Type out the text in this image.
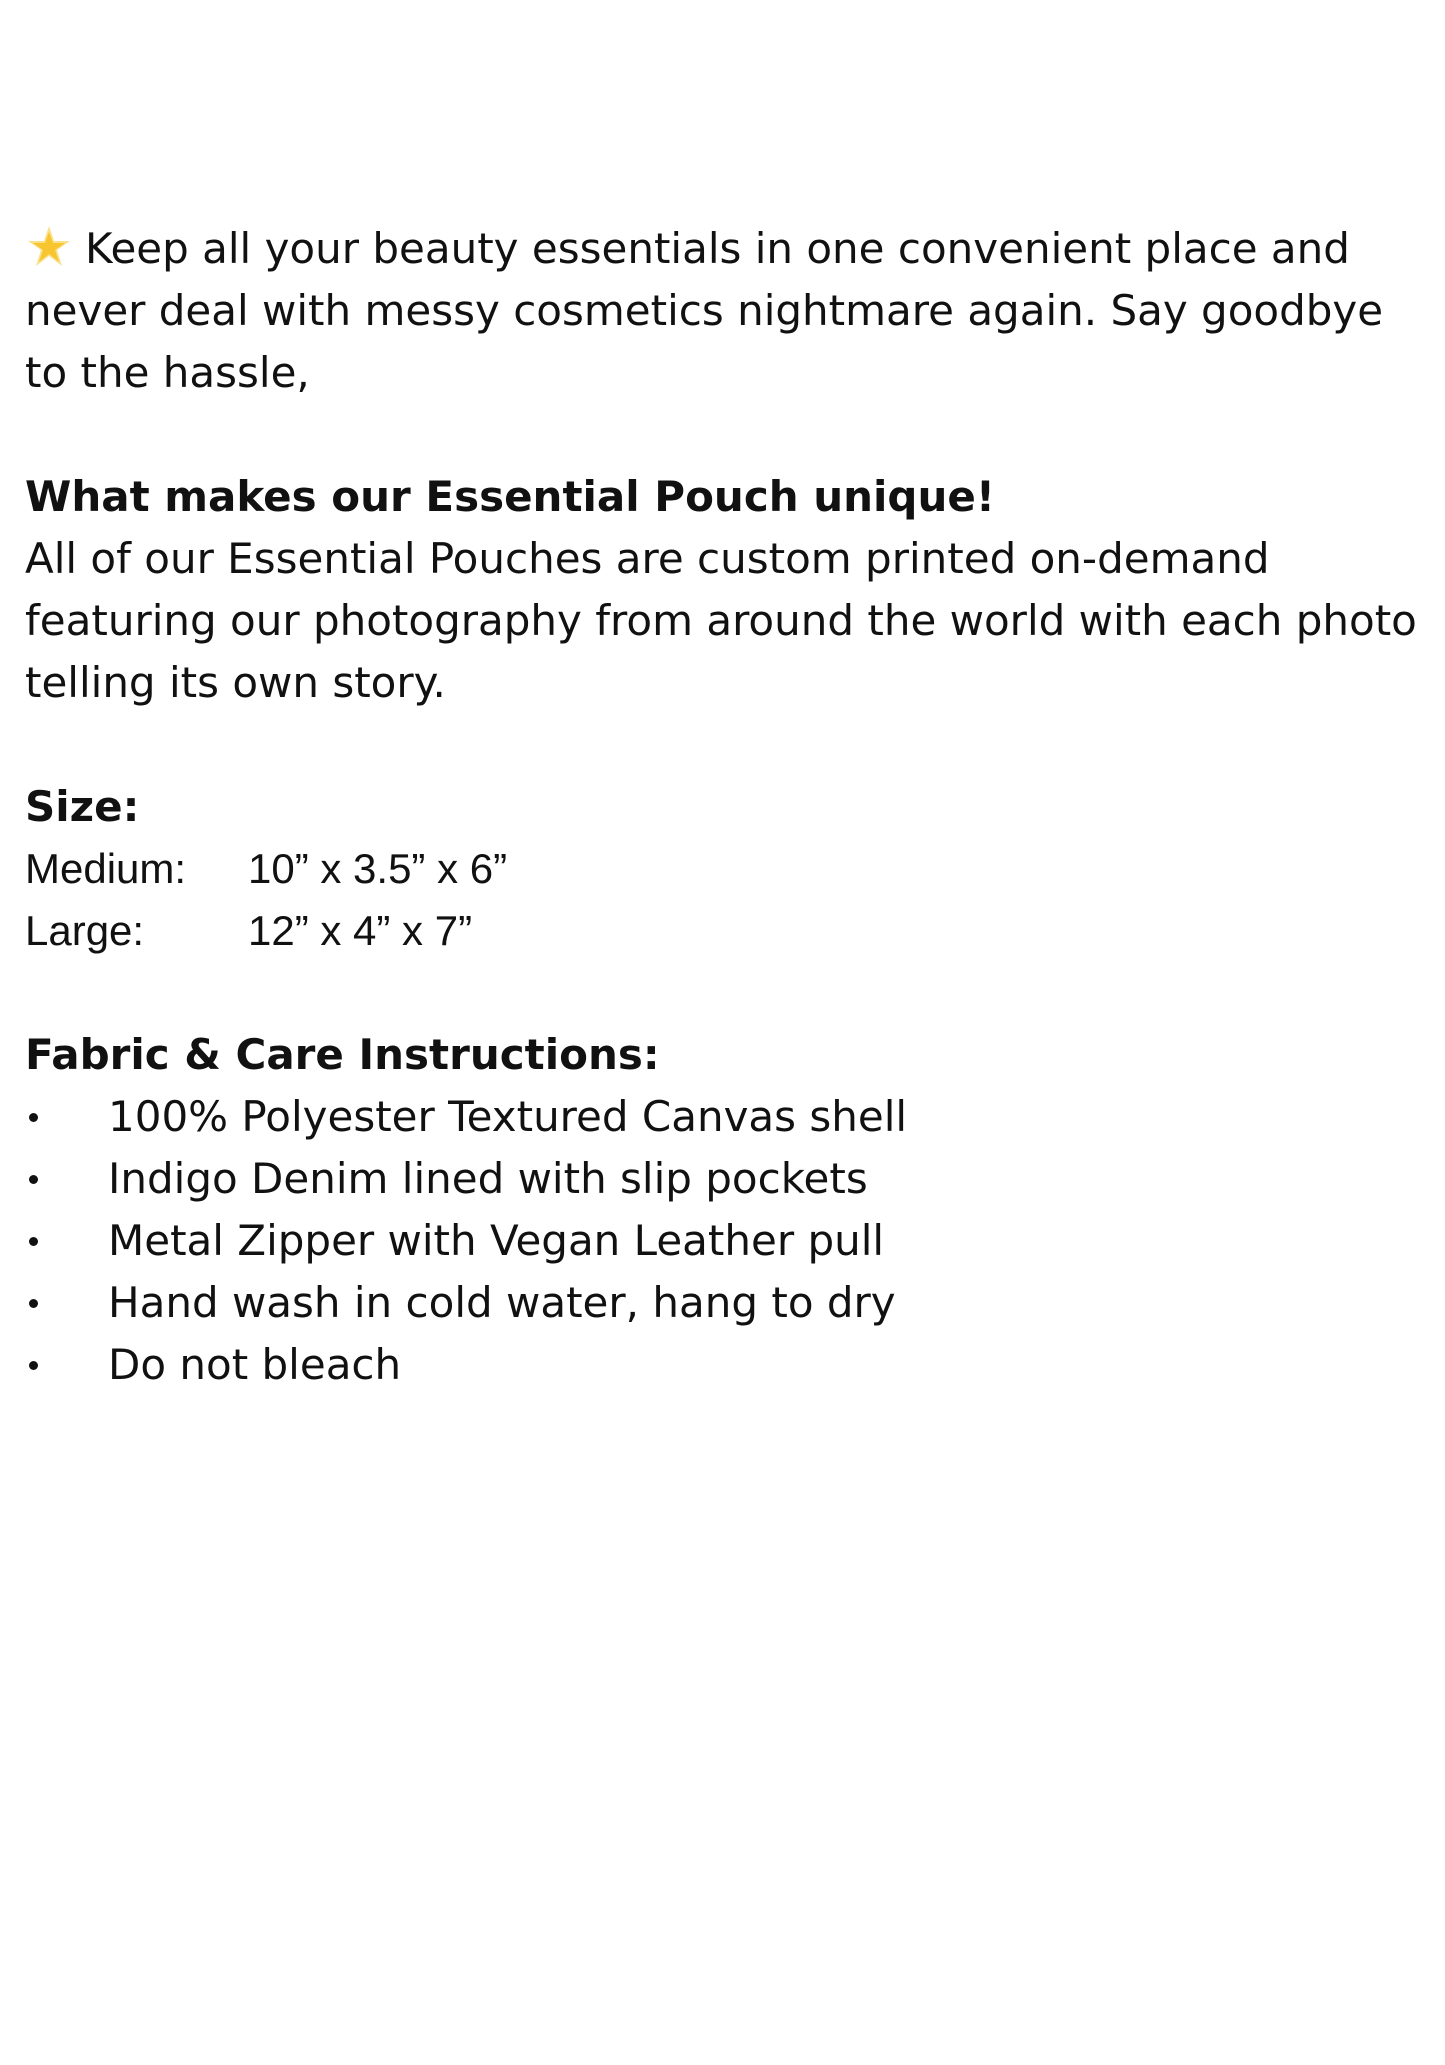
Keep all your beauty essentials in one convenient place and never deal with messy cosmetics nightmare again. Say goodbye to the hassle,

What makes our Essential Pouch unique!

All of our Essential Pouches are custom printed on-demand featuring our photography from around the world with each photo telling its own story.

Size:

Medium:	10” x 3.5” x 6”
Large:	12” x 4” x 7”

Fabric & Care Instructions:

100% Polyester Textured Canvas shell
Indigo Denim lined with slip pockets
Metal Zipper with Vegan Leather pull
Hand wash in cold water, hang to dry
Do not bleach
